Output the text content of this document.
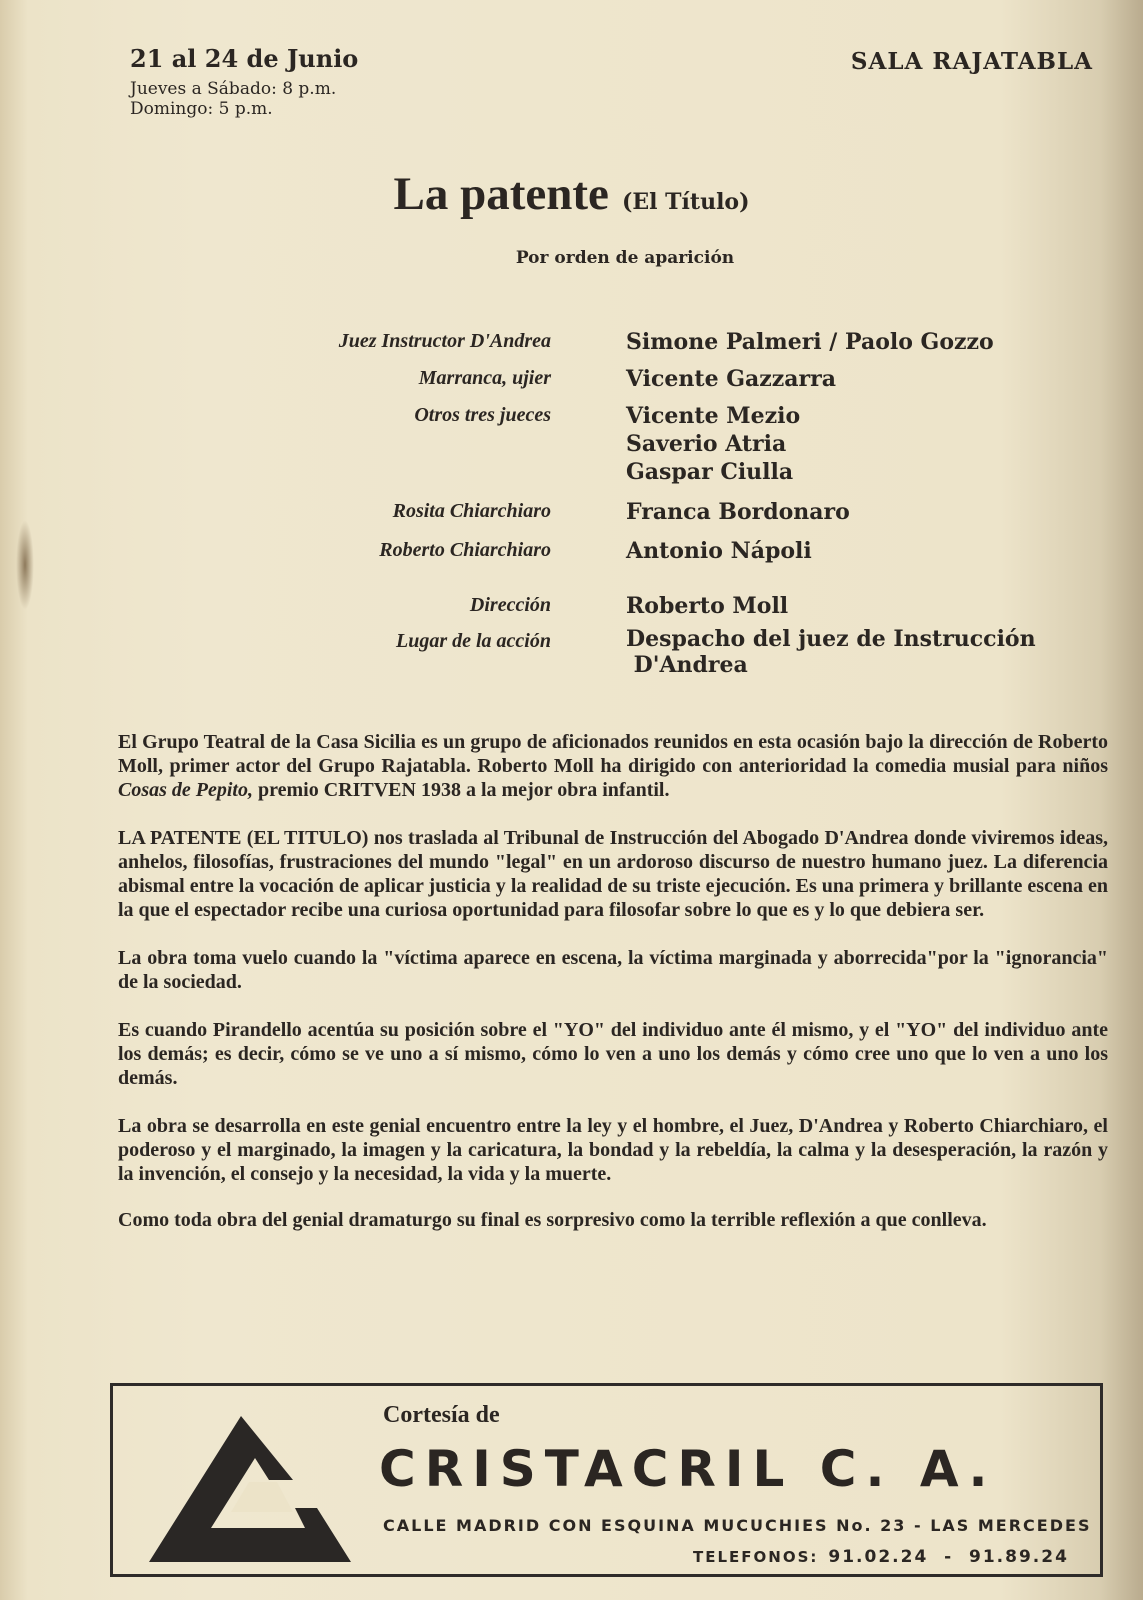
21 al 24 de Junio
Jueves a Sábado: 8 p.m.
Domingo: 5 p.m.
SALA RAJATABLA
La patente (El Título)
Por orden de aparición
Juez Instructor D'Andrea	Simone Palmeri / Paolo Gozzo
Marranca, ujier	Vicente Gazzarra
Otros tres jueces	Vicente Mezio
Saverio Atria
Gaspar Ciulla
Rosita Chiarchiaro	Franca Bordonaro
Roberto Chiarchiaro	Antonio Nápoli
Dirección	Roberto Moll
Lugar de la acción	Despacho del juez de Instrucción
D'Andrea

El Grupo Teatral de la Casa Sicilia es un grupo de aficionados reunidos en esta ocasión bajo la dirección de Roberto Moll, primer actor del Grupo Rajatabla. Roberto Moll ha dirigido con anterioridad la comedia musial para niños Cosas de Pepito, premio CRITVEN 1938 a la mejor obra infantil.

LA PATENTE (EL TITULO) nos traslada al Tribunal de Instrucción del Abogado D'Andrea donde viviremos ideas, anhelos, filosofías, frustraciones del mundo "legal" en un ardoroso discurso de nuestro humano juez. La diferencia abismal entre la vocación de aplicar justicia y la realidad de su triste ejecución. Es una primera y brillante escena en la que el espectador recibe una curiosa oportunidad para filosofar sobre lo que es y lo que debiera ser.

La obra toma vuelo cuando la "víctima aparece en escena, la víctima marginada y aborrecida"por la "ignorancia" de la sociedad.

Es cuando Pirandello acentúa su posición sobre el "YO" del individuo ante él mismo, y el "YO" del individuo ante los demás; es decir, cómo se ve uno a sí mismo, cómo lo ven a uno los demás y cómo cree uno que lo ven a uno los demás.

La obra se desarrolla en este genial encuentro entre la ley y el hombre, el Juez, D'Andrea y Roberto Chiarchiaro, el poderoso y el marginado, la imagen y la caricatura, la bondad y la rebeldía, la calma y la desesperación, la razón y la invención, el consejo y la necesidad, la vida y la muerte.

Como toda obra del genial dramaturgo su final es sorpresivo como la terrible reflexión a que conlleva.

Cortesía de
CRISTACRIL C. A.
CALLE MADRID CON ESQUINA MUCUCHIES No. 23 - LAS MERCEDES
TELEFONOS: 91.02.24  -  91.89.24
